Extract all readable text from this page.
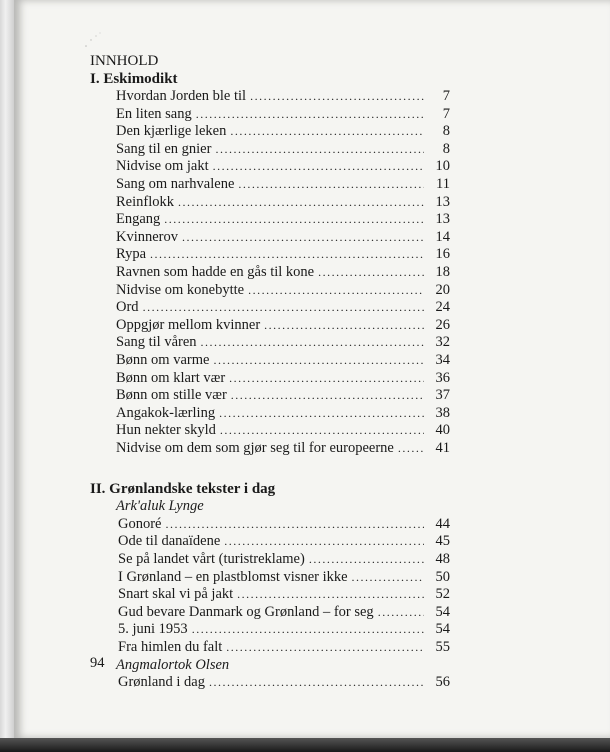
INNHOLD
I. Eskimodikt
Hvordan Jorden ble til .....	7
En liten sang .....	7
Den kjærlige leken .....	8
Sang til en gnier .....	8
Nidvise om jakt .....	10
Sang om narhvalene .....	11
Reinflokk .....	13
Engang .....	13
Kvinnerov .....	14
Rypa .....	16
Ravnen som hadde en gås til kone .....	18
Nidvise om konebytte .....	20
Ord .....	24
Oppgjør mellom kvinner .....	26
Sang til våren .....	32
Bønn om varme .....	34
Bønn om klart vær .....	36
Bønn om stille vær .....	37
Angakok-lærling .....	38
Hun nekter skyld .....	40
Nidvise om dem som gjør seg til for europeerne .....	41
II. Grønlandske tekster i dag
Ark'aluk Lynge
Gonoré .....	44
Ode til danaïdene .....	45
Se på landet vårt (turistreklame) .....	48
I Grønland – en plastblomst visner ikke .....	50
Snart skal vi på jakt .....	52
Gud bevare Danmark og Grønland – for seg .....	54
5. juni 1953 .....	54
Fra himlen du falt .....	55
Angmalortok Olsen
Grønland i dag .....	56
94
